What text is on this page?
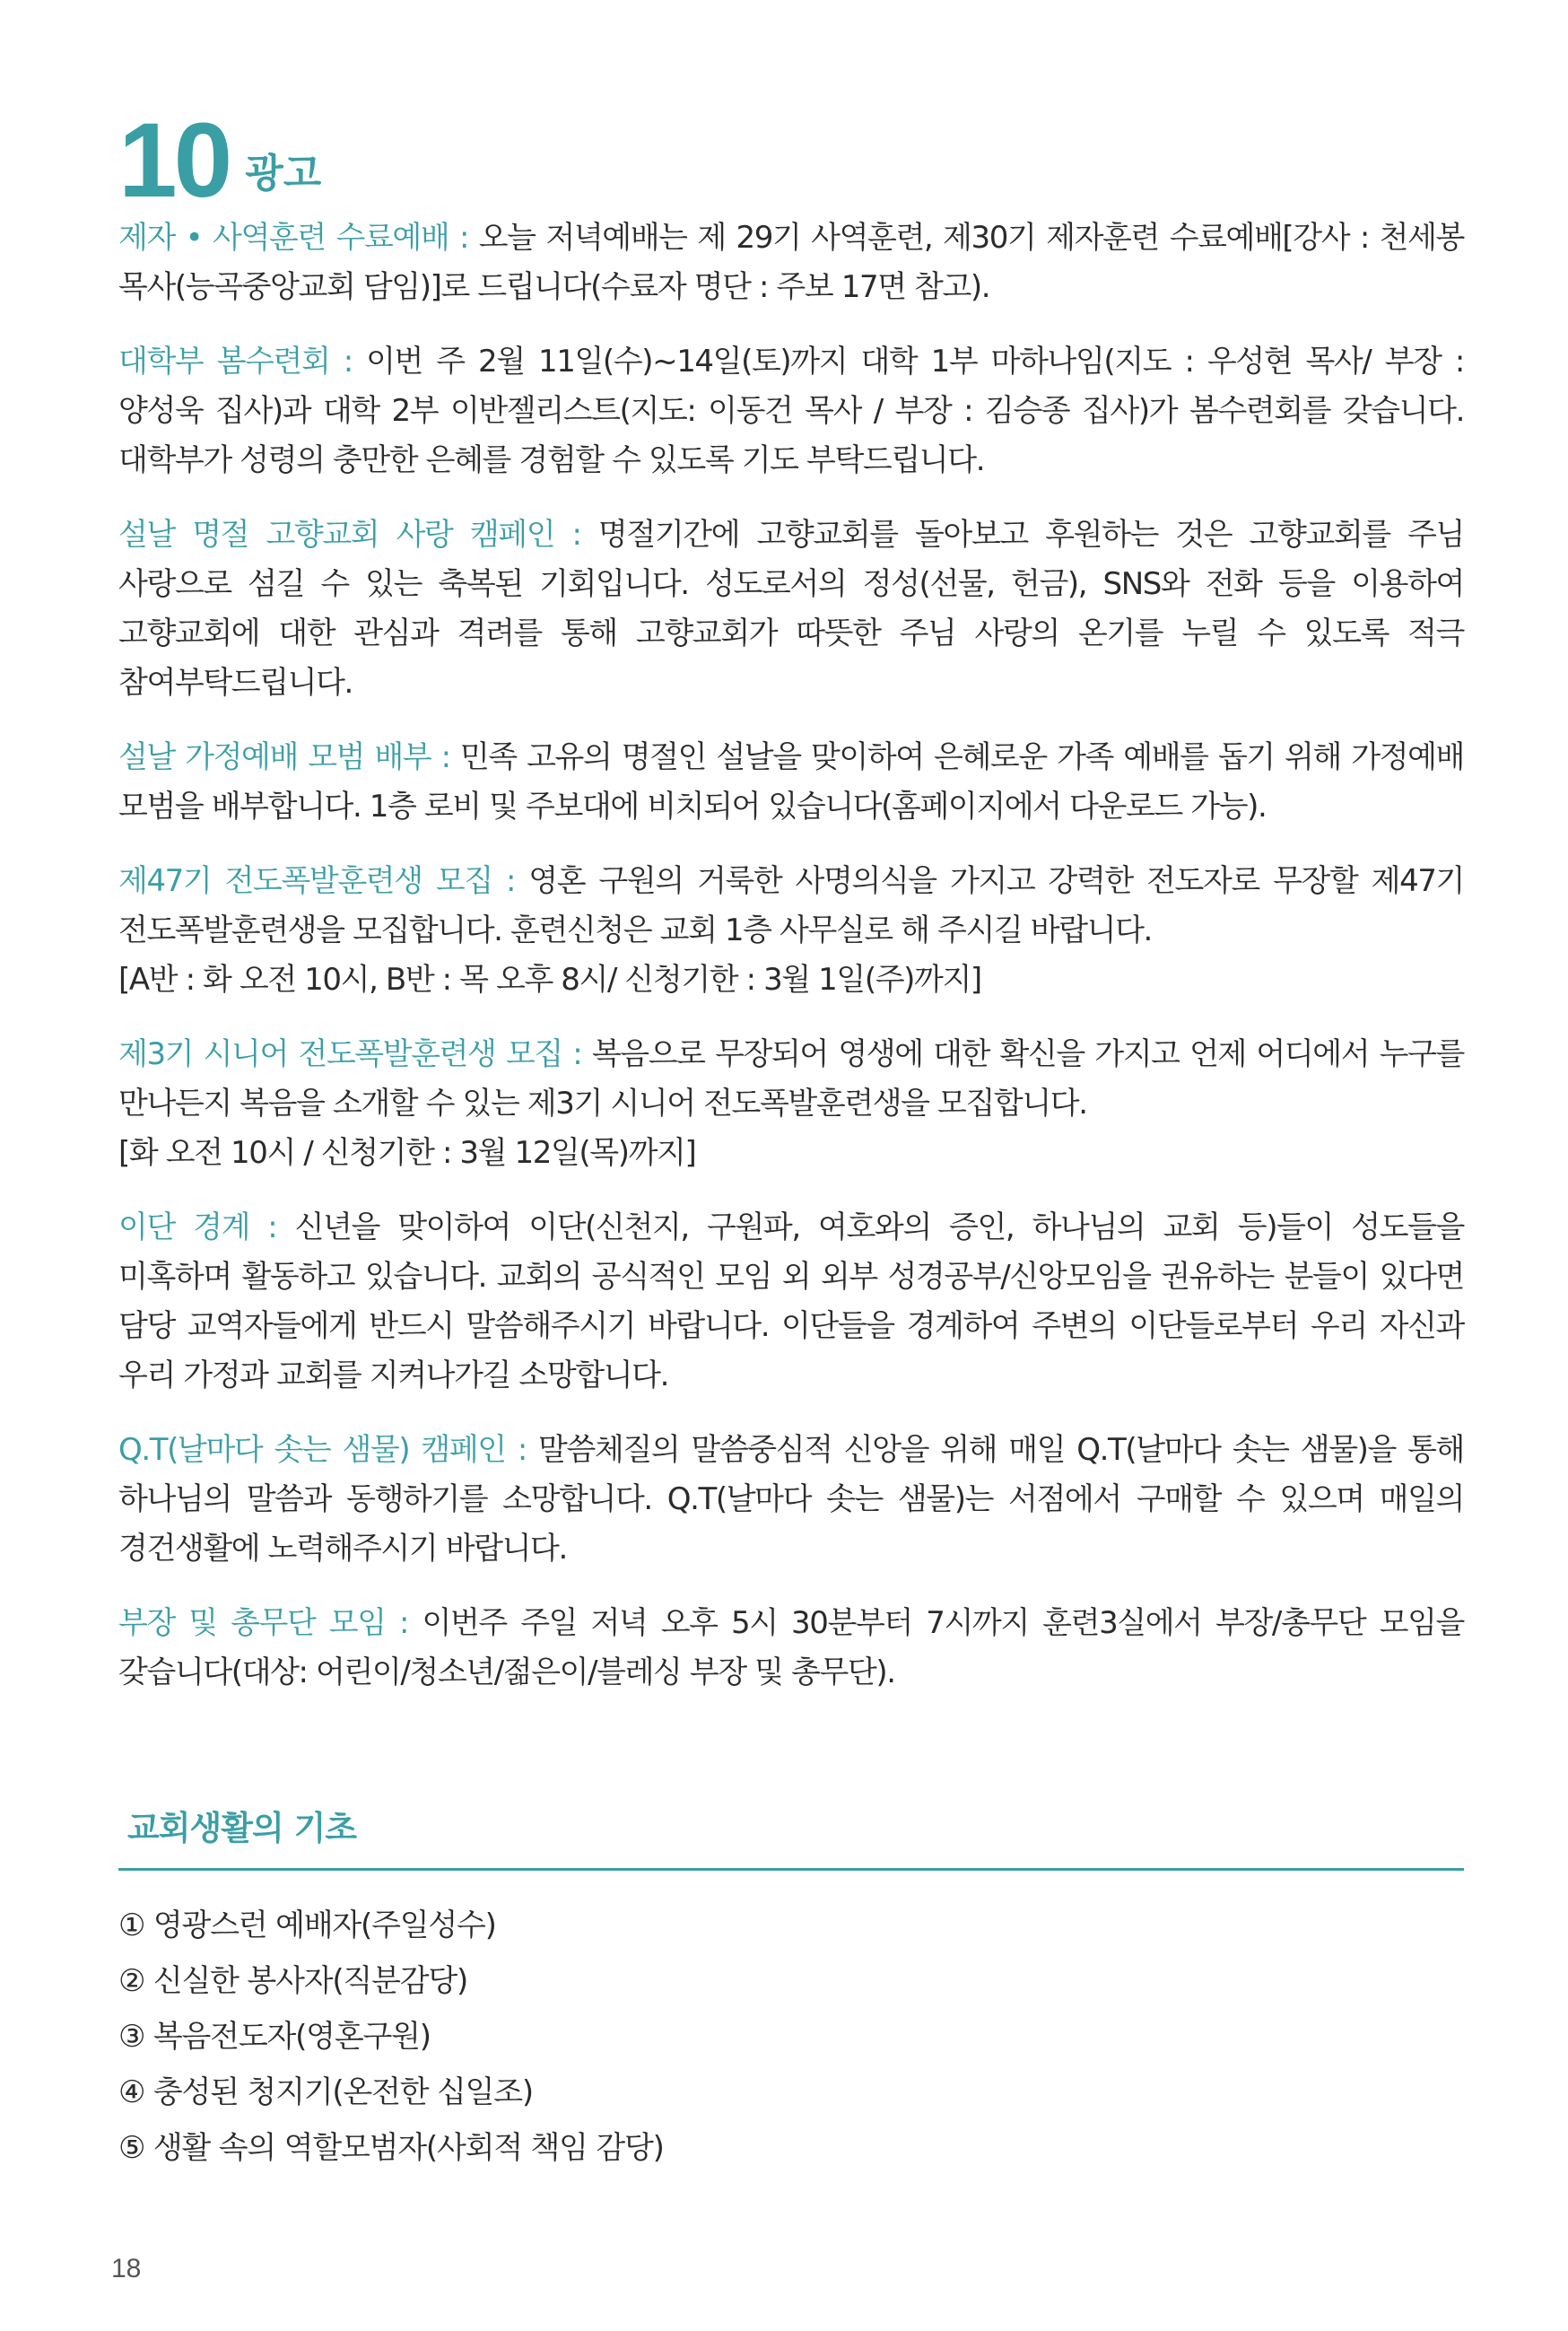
10 광고

제자 • 사역훈련 수료예배 : 오늘 저녁예배는 제 29기 사역훈련, 제30기 제자훈련 수료예배[강사 : 천세봉 목사(능곡중앙교회 담임)]로 드립니다(수료자 명단 : 주보 17면 참고).

대학부 봄수련회 : 이번 주 2월 11일(수)~14일(토)까지 대학 1부 마하나임(지도 : 우성현 목사/ 부장 : 양성욱 집사)과 대학 2부 이반젤리스트(지도: 이동건 목사 / 부장 : 김승종 집사)가 봄수련회를 갖습니다. 대학부가 성령의 충만한 은혜를 경험할 수 있도록 기도 부탁드립니다.

설날 명절 고향교회 사랑 캠페인 : 명절기간에 고향교회를 돌아보고 후원하는 것은 고향교회를 주님 사랑으로 섬길 수 있는 축복된 기회입니다. 성도로서의 정성(선물, 헌금), SNS와 전화 등을 이용하여 고향교회에 대한 관심과 격려를 통해 고향교회가 따뜻한 주님 사랑의 온기를 누릴 수 있도록 적극 참여부탁드립니다.

설날 가정예배 모범 배부 : 민족 고유의 명절인 설날을 맞이하여 은혜로운 가족 예배를 돕기 위해 가정예배 모범을 배부합니다. 1층 로비 및 주보대에 비치되어 있습니다(홈페이지에서 다운로드 가능).

제47기 전도폭발훈련생 모집 : 영혼 구원의 거룩한 사명의식을 가지고 강력한 전도자로 무장할 제47기 전도폭발훈련생을 모집합니다. 훈련신청은 교회 1층 사무실로 해 주시길 바랍니다.
[A반 : 화 오전 10시, B반 : 목 오후 8시/ 신청기한 : 3월 1일(주)까지]

제3기 시니어 전도폭발훈련생 모집 : 복음으로 무장되어 영생에 대한 확신을 가지고 언제 어디에서 누구를 만나든지 복음을 소개할 수 있는 제3기 시니어 전도폭발훈련생을 모집합니다.
[화 오전 10시 / 신청기한 : 3월 12일(목)까지]

이단 경계 : 신년을 맞이하여 이단(신천지, 구원파, 여호와의 증인, 하나님의 교회 등)들이 성도들을 미혹하며 활동하고 있습니다. 교회의 공식적인 모임 외 외부 성경공부/신앙모임을 권유하는 분들이 있다면 담당 교역자들에게 반드시 말씀해주시기 바랍니다. 이단들을 경계하여 주변의 이단들로부터 우리 자신과 우리 가정과 교회를 지켜나가길 소망합니다.

Q.T(날마다 솟는 샘물) 캠페인 : 말씀체질의 말씀중심적 신앙을 위해 매일 Q.T(날마다 솟는 샘물)을 통해 하나님의 말씀과 동행하기를 소망합니다. Q.T(날마다 솟는 샘물)는 서점에서 구매할 수 있으며 매일의 경건생활에 노력해주시기 바랍니다.

부장 및 총무단 모임 : 이번주 주일 저녁 오후 5시 30분부터 7시까지 훈련3실에서 부장/총무단 모임을 갖습니다(대상: 어린이/청소년/젊은이/블레싱 부장 및 총무단).

교회생활의 기초
① 영광스런 예배자(주일성수)
② 신실한 봉사자(직분감당)
③ 복음전도자(영혼구원)
④ 충성된 청지기(온전한 십일조)
⑤ 생활 속의 역할모범자(사회적 책임 감당)
18
